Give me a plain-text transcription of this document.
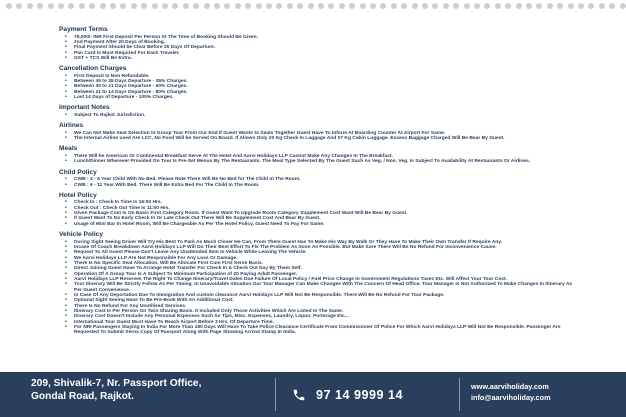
Payment Terms
• 75,000/- INR First Deposit Per Person At The Time of Booking Should Be Given.
• 2nd Payment After 20 Days of Booking.
• Final Payment Should be Clear Before 25 Days Of Departure.
• Pan Card Is Must Required For Each Traveler.
• GST + TCS Will Be Extra.
Cancellation Charges
• First Deposit Is Non Refundable.
• Between 45 to 35 Days Departure - 35% Charges.
• Between 30 to 21 Days Departure - 60% Charges.
• Between 21 to 14 Days Departure - 80% Charges.
• Last 14 Days of Departure - 100% Charges.
Important Notes
• Subject To Rajkot Jurisdiction.
Airlines
• We Can Not Make Seat Selection In Group Tour From Our End If Guest Wants to Seats Together Guest Have To Inform At Boarding Counter At Airport For Same.
• The Internal Airline used Are LCC, No Food Will be Served On Board. If Allows Only 20 Kg Check In Luggage And 07 Kg Cabin Luggage. Excess Baggage Charged Will Be Bear By Guest.
Meals
• There Will be American Or Continental Breakfast Serve At The Hotel And Aarvi Holidays LLP Cannot Make Any Changes In The Breakfast.
• Lunch/Dinner Wherever Provided On Tour Is Pre-Set Menus By The Restaurants. The Meal Type Selected By The Guest Such As Veg. / Non. Veg. Is Subject To Availability At Restaurants Or Airlines.
Child Policy
• CWB : 3 - 6 Year Child With No Bed. Please Note There Will Be No Bed for The Child In The Room.
• CWB : 6 - 11 Year With Bed. There Will Be Extra Bed For The Child In The Room.
Hotel Policy
• Check In : Check In Time Is 15:00 Hrs.
• Check Out : Check Out Time Is 11:00 Hrs.
• Given Package Cost Is On Basic First Category Room. If Guest Want To Upgrade Room Category Supplement Cost Want Will Be Bear By Guest.
• If Guest Want To Do Early Check In Or Late Check Out There Will Be Supplement Cost And Bear By Guest.
• Usage of Mini Bar In Hotel Room, Will Be Chargeable As Per The Hotel Policy, Guest Need To Pay For Same.
Vehicle Policy
• During Sight Seeing Driver Will Try His Best To Park As Much Closer He Can, From There Guest Has To Make His Way By Walk Or They Have To Make Their Own Transfer If Require Any.
• Incase Of Coach Breakdown Aarvi Holidays LLP Will Do Their Best Effort To Fix The Problem As Soon As Possible. But Make Sure There Will Be No Refund For Inconvenience Cause.
• Request To All Guest Please Don't Leave Any Unattended Item In Vehicle While Leaving The Vehicle.
• We Aarvi Holidays LLP Are Not Responsible For Any Loss Or Damage.
• There Is No Specific Seat Allocation. Will Be Allocate First Cum First Serve Basis.
• Direct Joining Guest Have To Arrange Hotel Transfer For Check In & Check Out Day By Them Self.
• Operation Of A Group Tour Is A Subject To Minimum Participation of 20 Paying Adult Passenger.
• Aarvi Holidays LLP Reserves The Right To Change Itinerary/Travel Dates Due Failure Of Local Policy / Fuel Price Change In Government Regulations Taxes Etc. Will Affect Your Tour Cost.
• Tour Itinerary Will Be Strictly Follow As Per Timing. In Unavoidable Situation Our Tour Manager Can Make Changes With The Concern Of Head Office. Tour Manager Is Not Authorized To Make Changes In Itinerary As Per Guest Convenience.
• In Case Of Any Deportation Due To Immigration And custom clearance Aarvi Holidays LLP Will Not Be Responsible. There Will Be No Refund For Tour Package.
• Optional Sight Seeing Have To Be Pre-Book With An Additional Cost.
• There Is No Refund For Any Unutilised Services.
• Itinerary Cost Is Per Person On Twin Sharing Basis. It Included Only Those Activities Which Are Listed In The Same.
• Itinerary Cost Doesn't Include Any Personal Expenses Such As Tips, Misc. Expenses, Laundry, Liquor, Porterage Etc...
• International Tour Guest Must Have To Reach Airport Before 3 Hrs. Of Departure Time.
• For NRI Passengers Staying In India For More Than 180 Days Will Have To Take Police Clearance Certificate From Commissioner Of Police For Which Aarvi Holidays LLP Will Not Be Responsible. Passenger Are Requested To Submit Xerox Copy Of Passport Along With Page Showing Arrival Stamp In India.
209, Shivalik-7, Nr. Passport Office,
Gondal Road, Rajkot.	97 14 9999 14
www.aarviholiday.com
info@aarviholiday.com
